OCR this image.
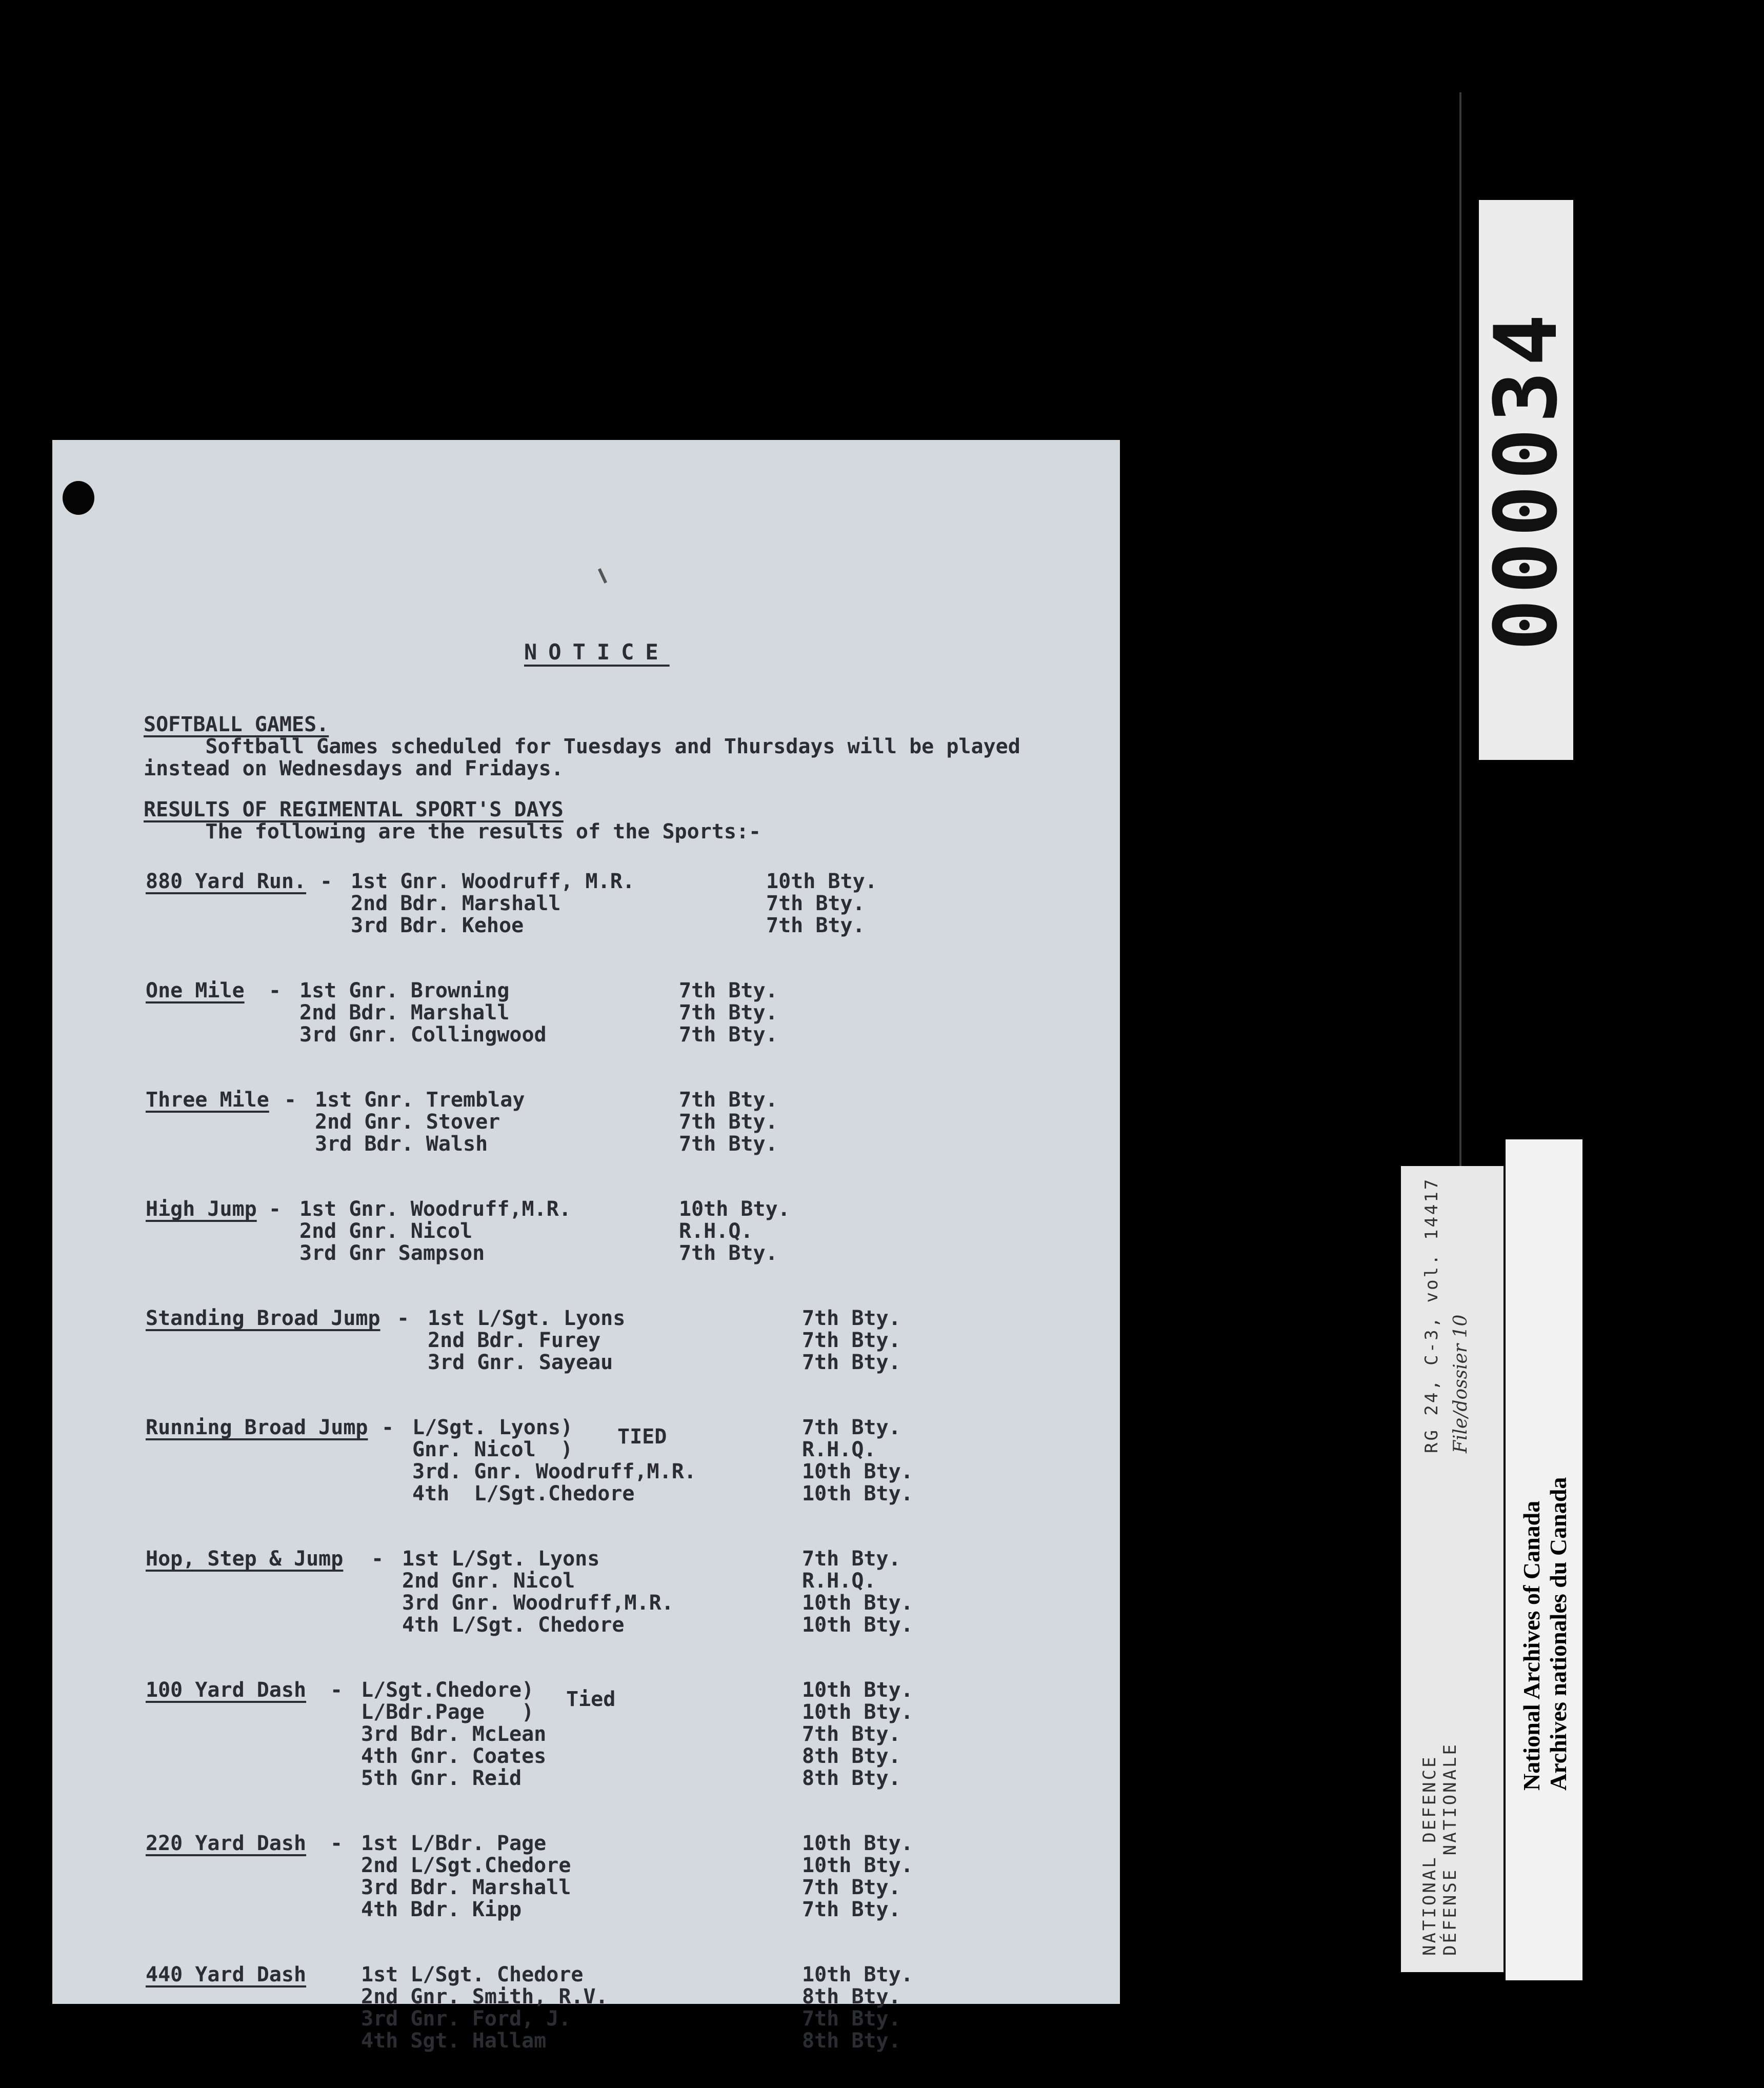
000034
NOTICE
SOFTBALL GAMES.
Softball Games scheduled for Tuesdays and Thursdays will be played
instead on Wednesdays and Fridays.
RESULTS OF REGIMENTAL SPORT'S DAYS
The following are the results of the Sports:-
880 Yard Run. - 1st Gnr. Woodruff, M.R.	10th Bty.
2nd Bdr. Marshall	7th Bty.
3rd Bdr. Kehoe	7th Bty.
One Mile - 1st Gnr. Browning	7th Bty.
2nd Bdr. Marshall	7th Bty.
3rd Gnr. Collingwood	7th Bty.
Three Mile - 1st Gnr. Tremblay	7th Bty.
2nd Gnr. Stover	7th Bty.
3rd Bdr. Walsh	7th Bty.
High Jump - 1st Gnr. Woodruff,M.R.	10th Bty.
2nd Gnr. Nicol	R.H.Q.
3rd Gnr Sampson	7th Bty.
Standing Broad Jump - 1st L/Sgt. Lyons	7th Bty.
2nd Bdr. Furey	7th Bty.
3rd Gnr. Sayeau	7th Bty.
Running Broad Jump - L/Sgt. Lyons)	7th Bty.
Gnr. Nicol  )	R.H.Q.
3rd. Gnr. Woodruff,M.R.	10th Bty.
4th  L/Sgt.Chedore	10th Bty.
TIED
Hop, Step & Jump - 1st L/Sgt. Lyons	7th Bty.
2nd Gnr. Nicol	R.H.Q.
3rd Gnr. Woodruff,M.R.	10th Bty.
4th L/Sgt. Chedore	10th Bty.
100 Yard Dash - L/Sgt.Chedore)	10th Bty.
L/Bdr.Page   )	10th Bty.
3rd Bdr. McLean	7th Bty.
4th Gnr. Coates	8th Bty.
5th Gnr. Reid	8th Bty.
Tied
220 Yard Dash - 1st L/Bdr. Page	10th Bty.
2nd L/Sgt.Chedore	10th Bty.
3rd Bdr. Marshall	7th Bty.
4th Bdr. Kipp	7th Bty.
440 Yard Dash	1st L/Sgt. Chedore	10th Bty.
2nd Gnr. Smith, R.V.	8th Bty.
3rd Gnr. Ford, J.	7th Bty.
4th Sgt. Hallam	8th Bty.
NATIONAL DEFENCE DÉFENSE NATIONALE
RG 24, C-3, vol. 14417 File/dossier 10
National Archives of Canada Archives nationales du Canada
